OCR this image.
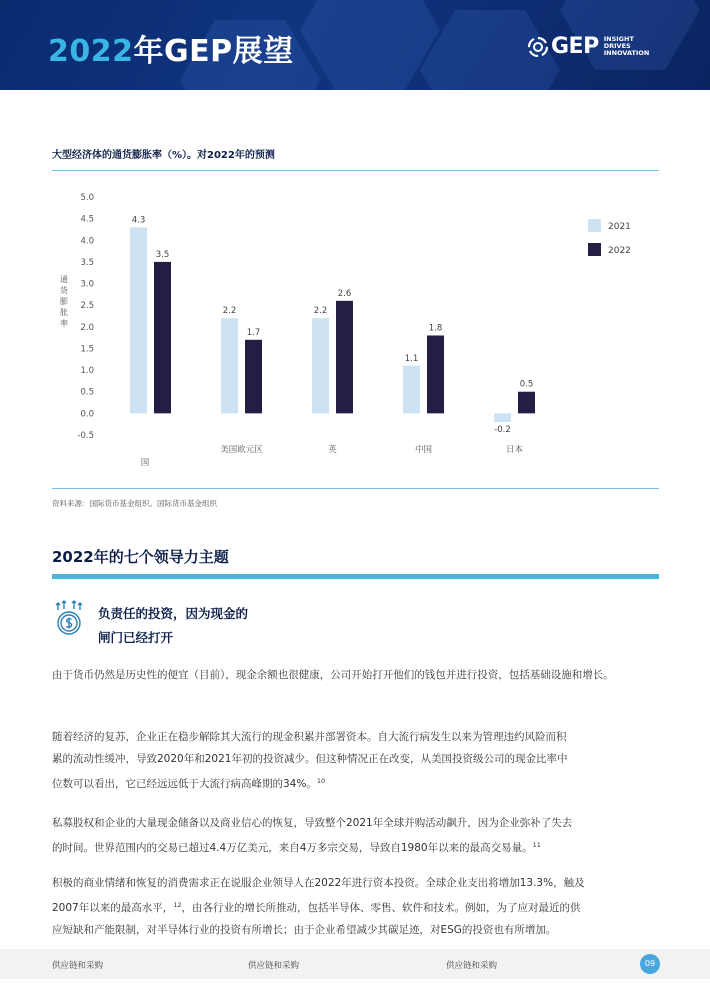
2022年GEP展望	GEP INSIGHT
DRIVES
INNOVATION
大型经济体的通货膨胀率（%）。对2022年的预测
5.0
4.5
4.0
3.5
3.0
2.5
2.0
1.5
1.0
0.5
0.0
-0.5
通
货
膨
胀
率
4.3
3.5
国
2.2
1.7
美国欧元区
2.2
2.6
英
1.1
1.8
中国
-0.2
0.5
日本
2021
2022
资料来源：国际货币基金组织。国际货币基金组织
2022年的七个领导力主题
负责任的投资，因为现金的
闸门已经打开
由于货币仍然是历史性的便宜（目前），现金余额也很健康，公司开始打开他们的钱包并进行投资，包括基础设施和增长。
随着经济的复苏，企业正在稳步解除其大流行的现金积累并部署资本。自大流行病发生以来为管理违约风险而积
累的流动性缓冲，导致2020年和2021年初的投资减少。但这种情况正在改变，从美国投资级公司的现金比率中
位数可以看出，它已经远远低于大流行病高峰期的34%。$^{10}$
私募股权和企业的大量现金储备以及商业信心的恢复，导致整个2021年全球并购活动飙升，因为企业弥补了失去
的时间。世界范围内的交易已超过4.4万亿美元，来自4万多宗交易，导致自1980年以来的最高交易量。$^{11}$
积极的商业情绪和恢复的消费需求正在说服企业领导人在2022年进行资本投资。全球企业支出将增加13.3%，触及
2007年以来的最高水平，$^{12}$，由各行业的增长所推动，包括半导体、零售、软件和技术。例如，为了应对最近的供
应短缺和产能限制，对半导体行业的投资有所增长；由于企业希望减少其碳足迹，对ESG的投资也有所增加。
供应链和采购	供应链和采购	供应链和采购	09
